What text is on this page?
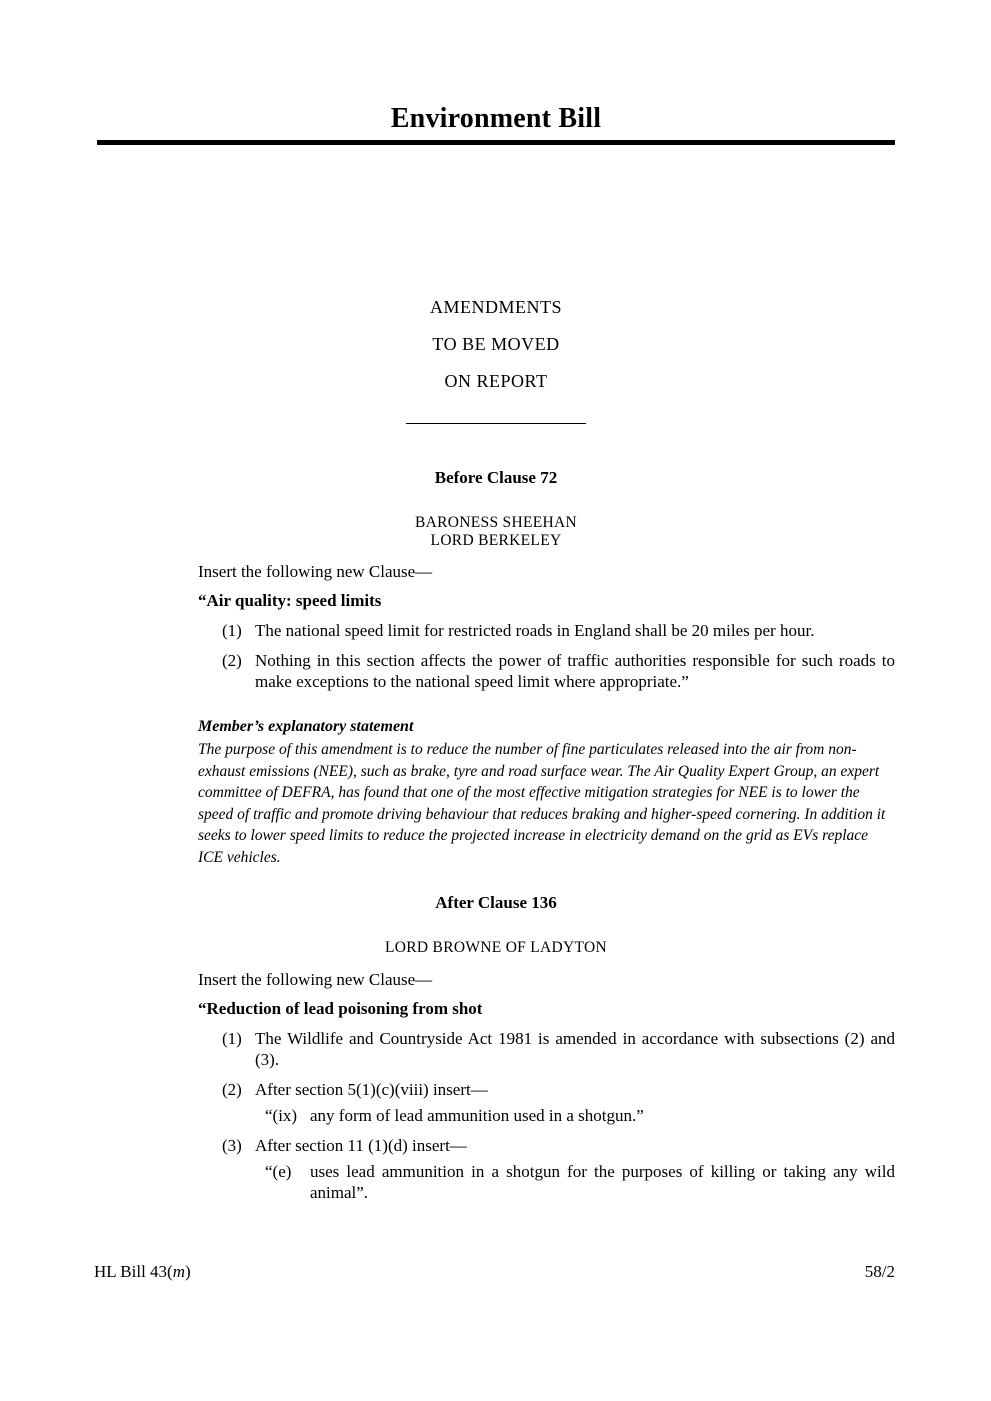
Environment Bill
AMENDMENTS
TO BE MOVED
ON REPORT
Before Clause 72
BARONESS SHEEHAN
LORD BERKELEY

Insert the following new Clause—

“Air quality: speed limits

(1) The national speed limit for restricted roads in England shall be 20 miles per hour.
(2) Nothing in this section affects the power of traffic authorities responsible for such roads to make exceptions to the national speed limit where appropriate.”
Member’s explanatory statement

The purpose of this amendment is to reduce the number of fine particulates released into the air from non-exhaust emissions (NEE), such as brake, tyre and road surface wear. The Air Quality Expert Group, an expert committee of DEFRA, has found that one of the most effective mitigation strategies for NEE is to lower the speed of traffic and promote driving behaviour that reduces braking and higher-speed cornering. In addition it seeks to lower speed limits to reduce the projected increase in electricity demand on the grid as EVs replace ICE vehicles.

After Clause 136
LORD BROWNE OF LADYTON

Insert the following new Clause—

“Reduction of lead poisoning from shot

(1) The Wildlife and Countryside Act 1981 is amended in accordance with subsections (2) and (3).
(2) After section 5(1)(c)(viii) insert—
“(ix) any form of lead ammunition used in a shotgun.”
(3) After section 11 (1)(d) insert—
“(e)	uses lead ammunition in a shotgun for the purposes of killing or taking any wild animal”.
HL Bill 43(m)	58/2
